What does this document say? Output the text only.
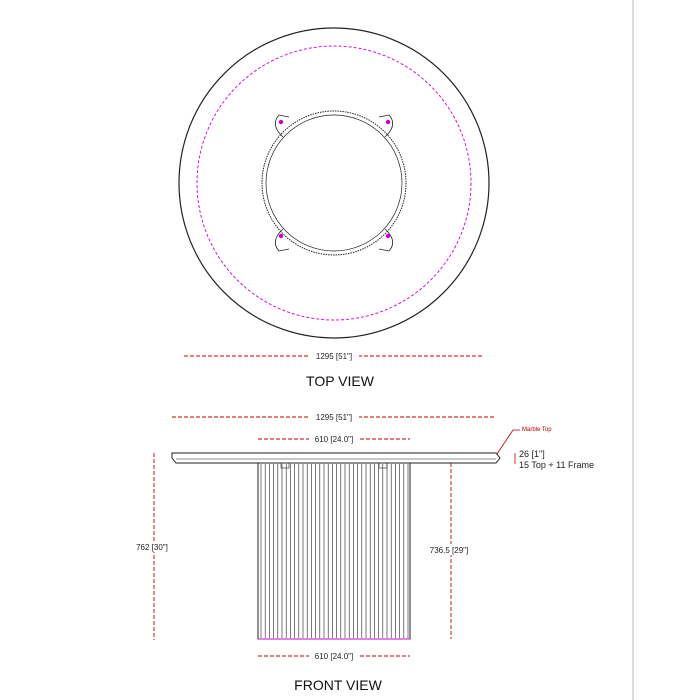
1295 [51"]
TOP VIEW
1295 [51"]
610 [24.0"]
610 [24.0"]
762 [30"]	736.5 [29"]
Marble Top
26 [1"]
15 Top + 11 Frame
FRONT VIEW
